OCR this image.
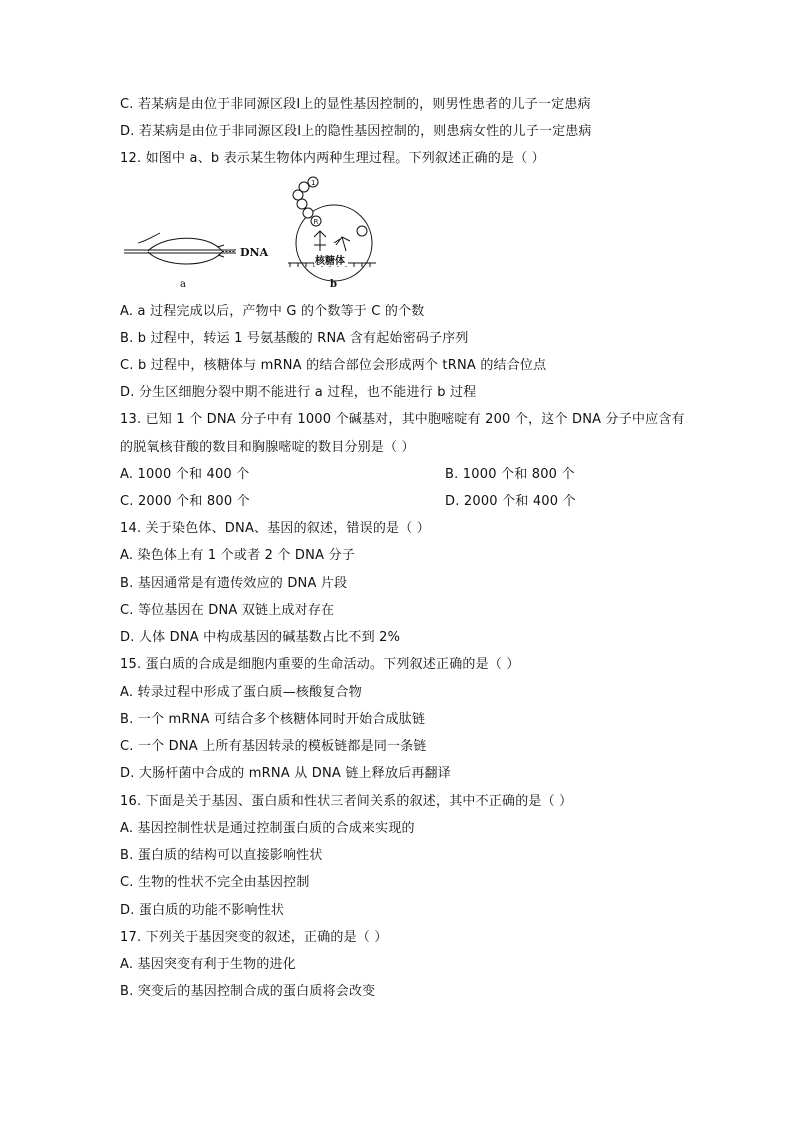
C. 若某病是由位于非同源区段Ⅰ上的显性基因控制的，则男性患者的儿子一定患病
D. 若某病是由位于非同源区段Ⅰ上的隐性基因控制的，则患病女性的儿子一定患病
12. 如图中 a、b 表示某生物体内两种生理过程。下列叙述正确的是（ ）
DNA
a
R
1
核糖体
b
A. a 过程完成以后，产物中 G 的个数等于 C 的个数
B. b 过程中，转运 1 号氨基酸的 RNA 含有起始密码子序列
C. b 过程中，核糖体与 mRNA 的结合部位会形成两个 tRNA 的结合位点
D. 分生区细胞分裂中期不能进行 a 过程，也不能进行 b 过程
13. 已知 1 个 DNA 分子中有 1000 个碱基对，其中胞嘧啶有 200 个，这个 DNA 分子中应含有
的脱氧核苷酸的数目和胸腺嘧啶的数目分别是（ ）
A. 1000 个和 400 个	B. 1000 个和 800 个
C. 2000 个和 800 个	D. 2000 个和 400 个
14. 关于染色体、DNA、基因的叙述，错误的是（ ）
A. 染色体上有 1 个或者 2 个 DNA 分子
B. 基因通常是有遗传效应的 DNA 片段
C. 等位基因在 DNA 双链上成对存在
D. 人体 DNA 中构成基因的碱基数占比不到 2%
15. 蛋白质的合成是细胞内重要的生命活动。下列叙述正确的是（ ）
A. 转录过程中形成了蛋白质—核酸复合物
B. 一个 mRNA 可结合多个核糖体同时开始合成肽链
C. 一个 DNA 上所有基因转录的模板链都是同一条链
D. 大肠杆菌中合成的 mRNA 从 DNA 链上释放后再翻译
16. 下面是关于基因、蛋白质和性状三者间关系的叙述，其中不正确的是（ ）
A. 基因控制性状是通过控制蛋白质的合成来实现的
B. 蛋白质的结构可以直接影响性状
C. 生物的性状不完全由基因控制
D. 蛋白质的功能不影响性状
17. 下列关于基因突变的叙述，正确的是（ ）
A. 基因突变有利于生物的进化
B. 突变后的基因控制合成的蛋白质将会改变
